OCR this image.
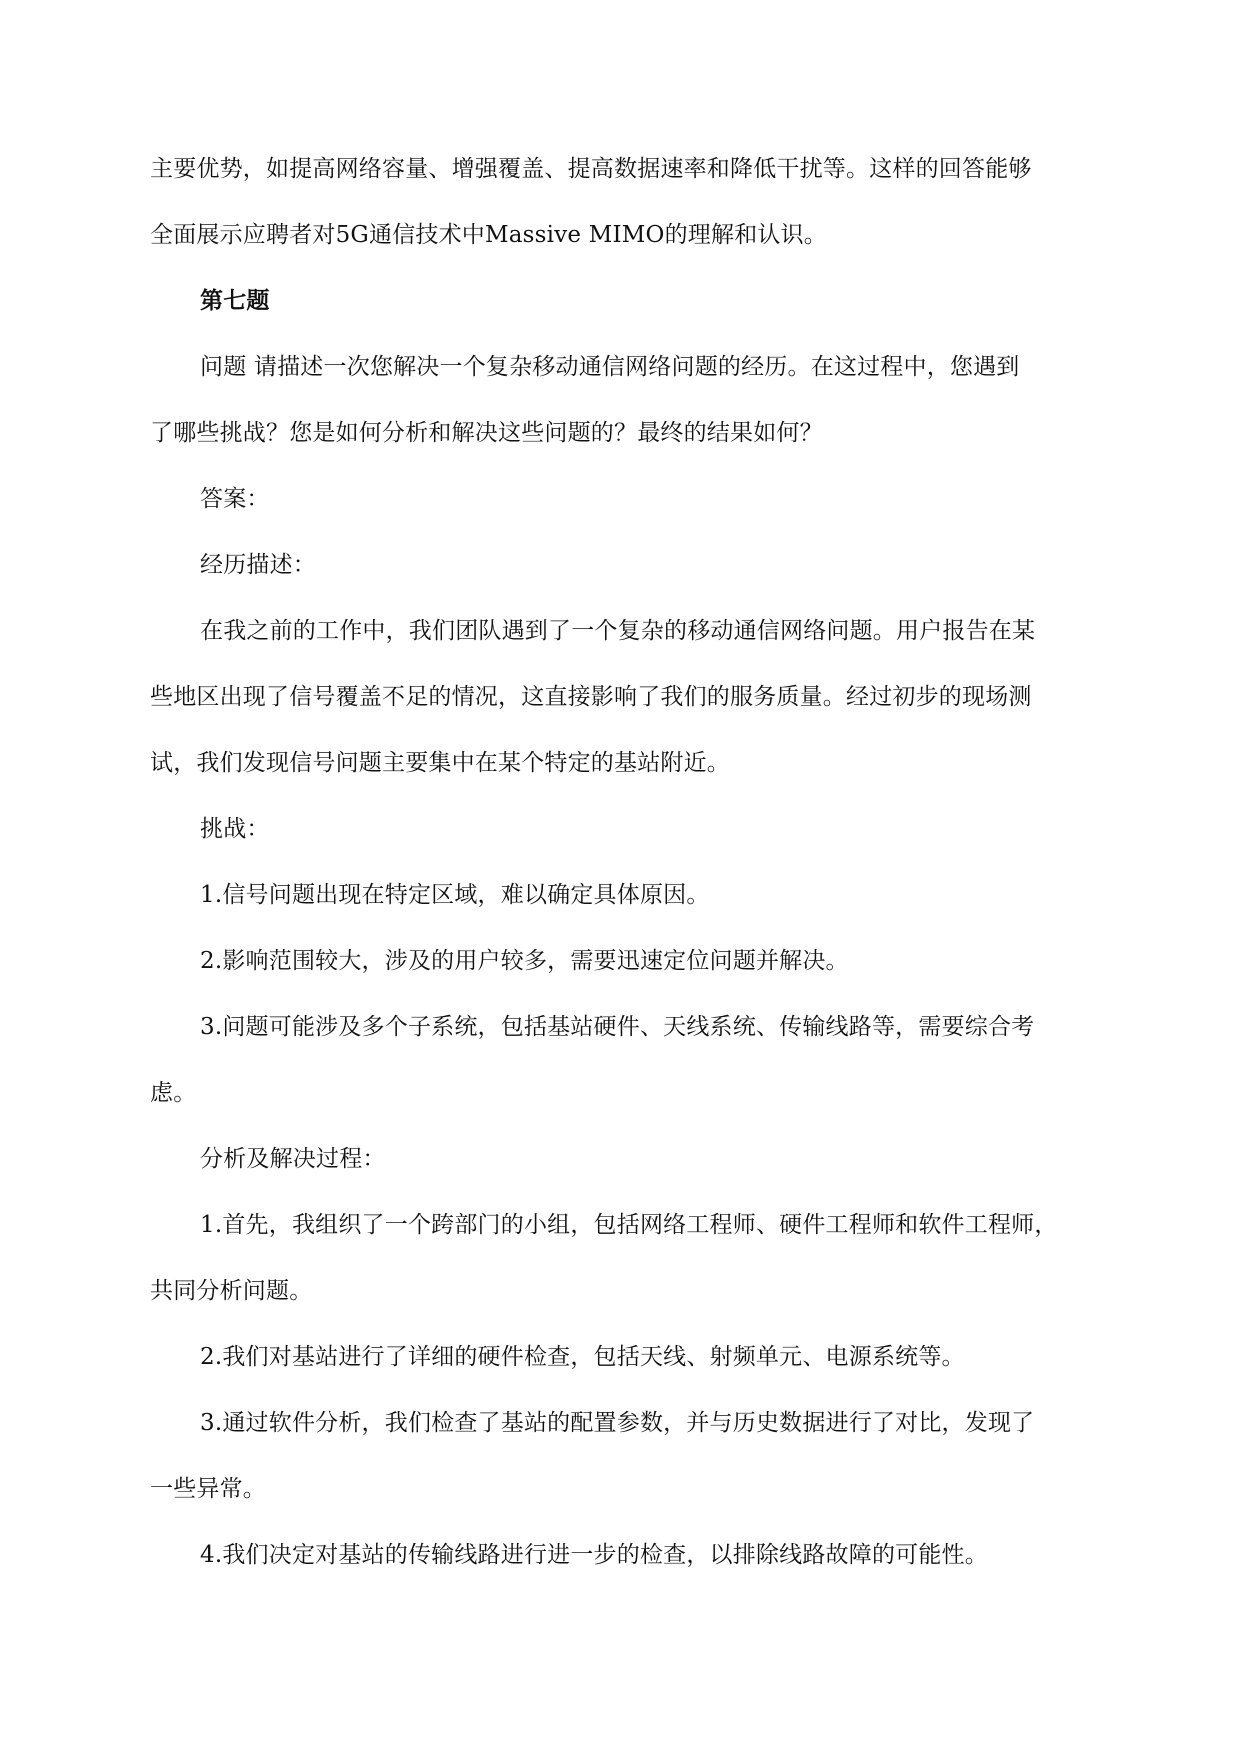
主要优势，如提高网络容量、增强覆盖、提高数据速率和降低干扰等。这样的回答能够
全面展示应聘者对5G通信技术中Massive MIMO的理解和认识。
第七题
问题 请描述一次您解决一个复杂移动通信网络问题的经历。在这过程中，您遇到
了哪些挑战？您是如何分析和解决这些问题的？最终的结果如何？
答案：
经历描述：
在我之前的工作中，我们团队遇到了一个复杂的移动通信网络问题。用户报告在某
些地区出现了信号覆盖不足的情况，这直接影响了我们的服务质量。经过初步的现场测
试，我们发现信号问题主要集中在某个特定的基站附近。
挑战：
1.信号问题出现在特定区域，难以确定具体原因。
2.影响范围较大，涉及的用户较多，需要迅速定位问题并解决。
3.问题可能涉及多个子系统，包括基站硬件、天线系统、传输线路等，需要综合考
虑。
分析及解决过程：
1.首先，我组织了一个跨部门的小组，包括网络工程师、硬件工程师和软件工程师，
共同分析问题。
2.我们对基站进行了详细的硬件检查，包括天线、射频单元、电源系统等。
3.通过软件分析，我们检查了基站的配置参数，并与历史数据进行了对比，发现了
一些异常。
4.我们决定对基站的传输线路进行进一步的检查，以排除线路故障的可能性。
